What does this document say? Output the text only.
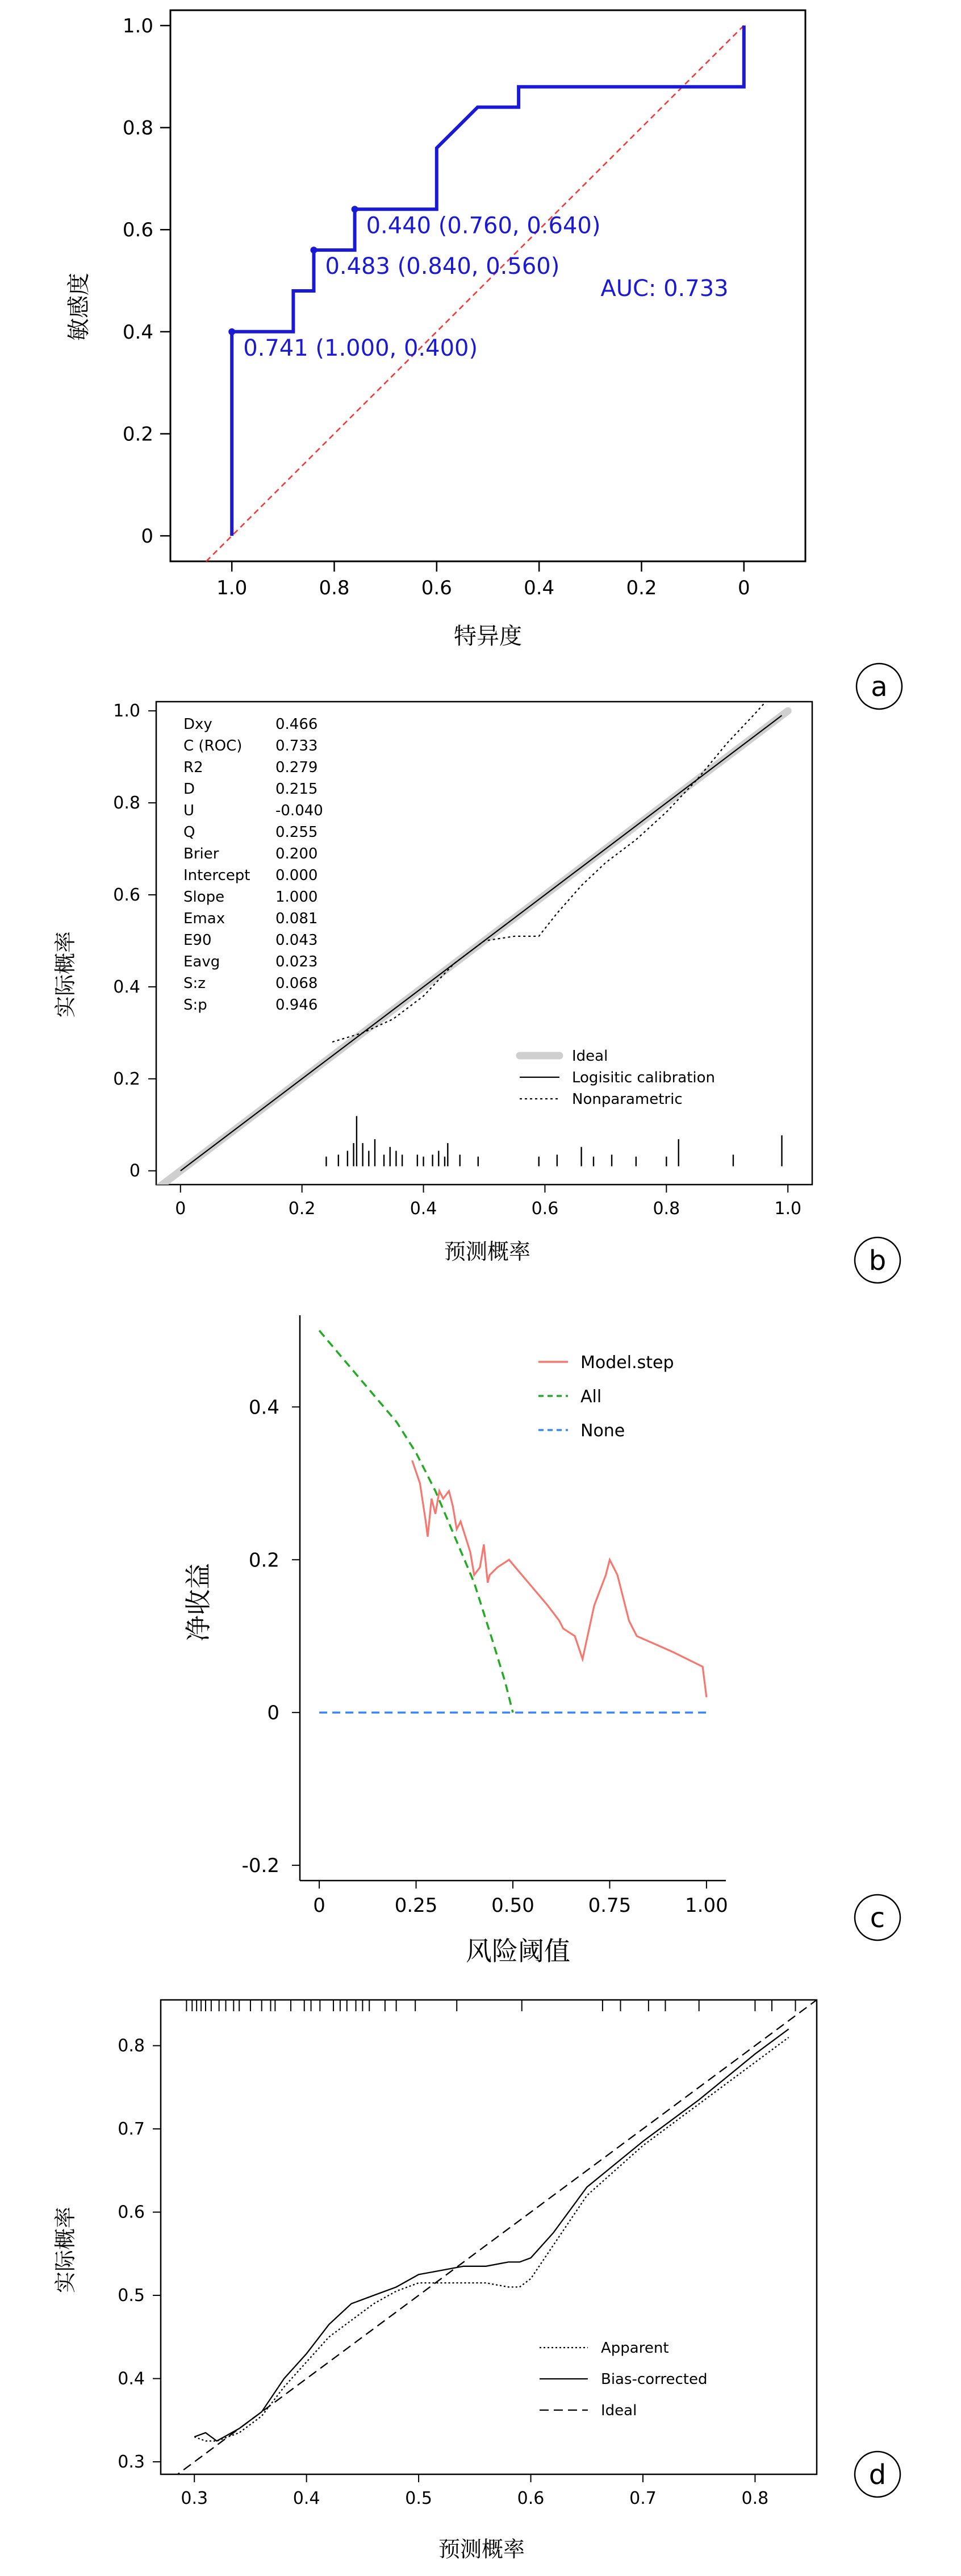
1.0	0.8	0.6	0.4	0.2	0
0
0.2
0.4
0.6
0.8
1.0
0.741 (1.000, 0.400)
0.483 (0.840, 0.560)
0.440 (0.760, 0.640)
AUC: 0.733
特异度
敏感度
a
0	0.2	0.4	0.6	0.8	1.0
0
0.2
0.4
0.6
0.8
1.0
Dxy	0.466
C (ROC) 0.733
R2	0.279
D	0.215
U	-0.040
Q	0.255
Brier	0.200
Intercept 0.000
Slope	1.000
Emax	0.081
E90	0.043
Eavg	0.023
S:z	0.068
S:p	0.946
Ideal
Logisitic calibration
Nonparametric
预测概率
实际概率
b
0	0.25	0.50	0.75	1.00
-0.2
0
0.2
0.4
Model.step
All
None
风险阈值
净收益
c
0.3	0.4	0.5	0.6	0.7	0.8
0.3
0.4
0.5
0.6
0.7
0.8
Apparent
Bias-corrected
Ideal
预测概率
实际概率
d
